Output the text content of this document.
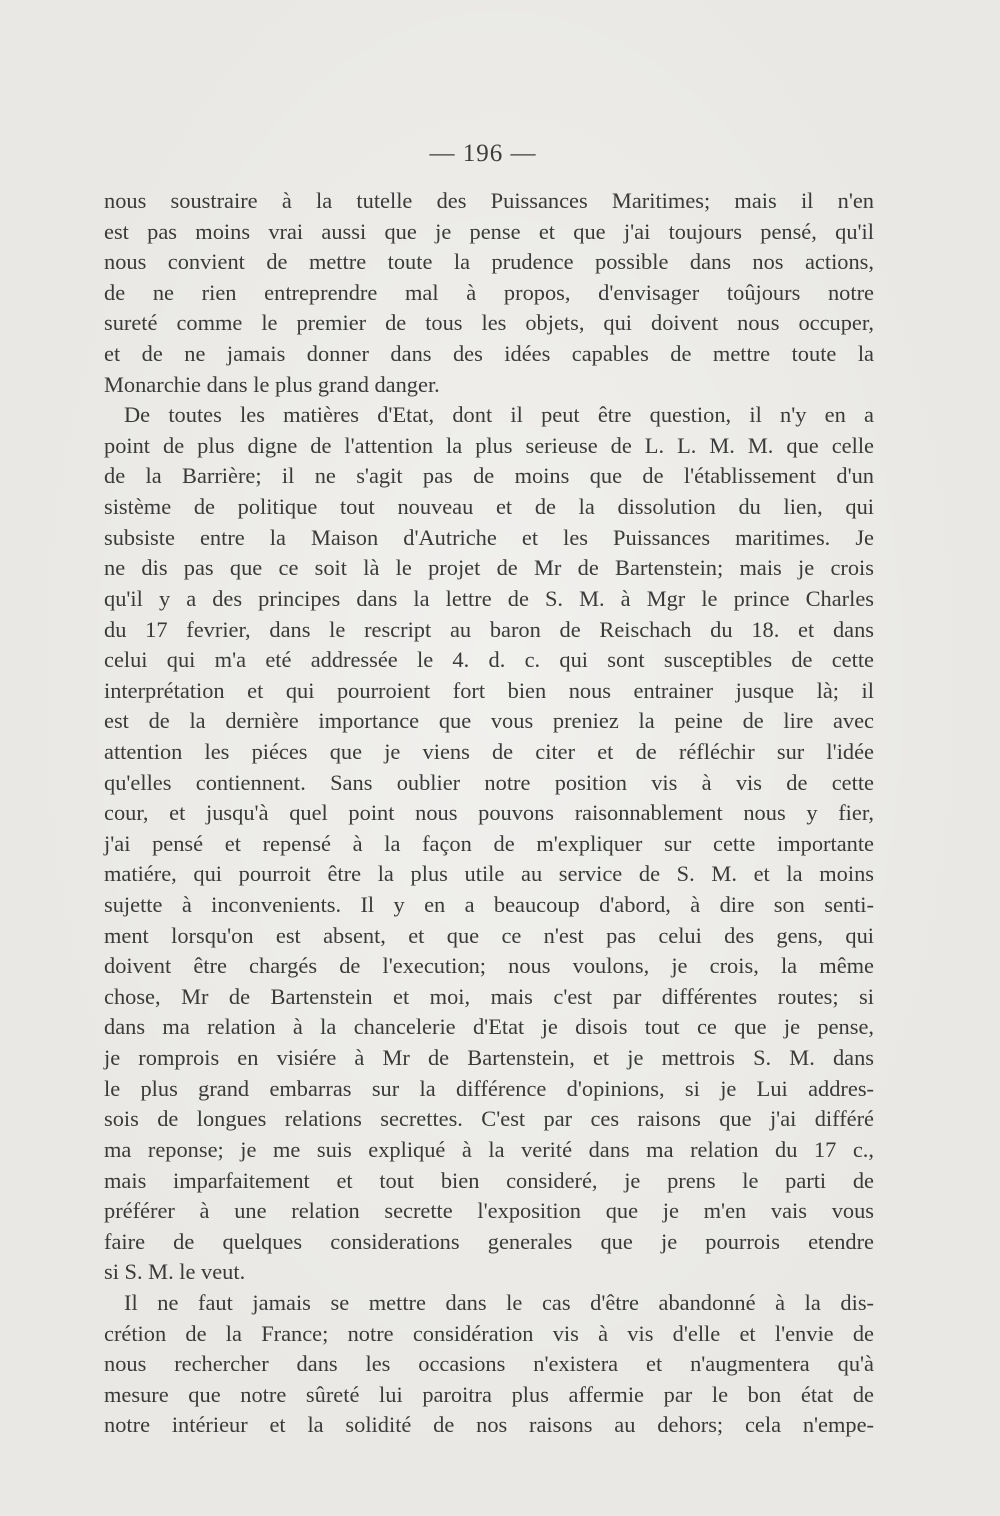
— 196 —
nous soustraire à la tutelle des Puissances Maritimes; mais il n'en
est pas moins vrai aussi que je pense et que j'ai toujours pensé, qu'il
nous convient de mettre toute la prudence possible dans nos actions,
de ne rien entreprendre mal à propos, d'envisager toûjours notre
sureté comme le premier de tous les objets, qui doivent nous occuper,
et de ne jamais donner dans des idées capables de mettre toute la
Monarchie dans le plus grand danger.
De toutes les matières d'Etat, dont il peut être question, il n'y en a
point de plus digne de l'attention la plus serieuse de L. L. M. M. que celle
de la Barrière; il ne s'agit pas de moins que de l'établissement d'un
sistème de politique tout nouveau et de la dissolution du lien, qui
subsiste entre la Maison d'Autriche et les Puissances maritimes. Je
ne dis pas que ce soit là le projet de Mr de Bartenstein; mais je crois
qu'il y a des principes dans la lettre de S. M. à Mgr le prince Charles
du 17 fevrier, dans le rescript au baron de Reischach du 18. et dans
celui qui m'a eté addressée le 4. d. c. qui sont susceptibles de cette
interprétation et qui pourroient fort bien nous entrainer jusque là; il
est de la dernière importance que vous preniez la peine de lire avec
attention les piéces que je viens de citer et de réfléchir sur l'idée
qu'elles contiennent. Sans oublier notre position vis à vis de cette
cour, et jusqu'à quel point nous pouvons raisonnablement nous y fier,
j'ai pensé et repensé à la façon de m'expliquer sur cette importante
matiére, qui pourroit être la plus utile au service de S. M. et la moins
sujette à inconvenients. Il y en a beaucoup d'abord, à dire son senti-
ment lorsqu'on est absent, et que ce n'est pas celui des gens, qui
doivent être chargés de l'execution; nous voulons, je crois, la même
chose, Mr de Bartenstein et moi, mais c'est par différentes routes; si
dans ma relation à la chancelerie d'Etat je disois tout ce que je pense,
je romprois en visiére à Mr de Bartenstein, et je mettrois S. M. dans
le plus grand embarras sur la différence d'opinions, si je Lui addres-
sois de longues relations secrettes. C'est par ces raisons que j'ai différé
ma reponse; je me suis expliqué à la verité dans ma relation du 17 c.,
mais imparfaitement et tout bien consideré, je prens le parti de
préférer à une relation secrette l'exposition que je m'en vais vous
faire de quelques considerations generales que je pourrois etendre
si S. M. le veut.
Il ne faut jamais se mettre dans le cas d'être abandonné à la dis-
crétion de la France; notre considération vis à vis d'elle et l'envie de
nous rechercher dans les occasions n'existera et n'augmentera qu'à
mesure que notre sûreté lui paroitra plus affermie par le bon état de
notre intérieur et la solidité de nos raisons au dehors; cela n'empe-
